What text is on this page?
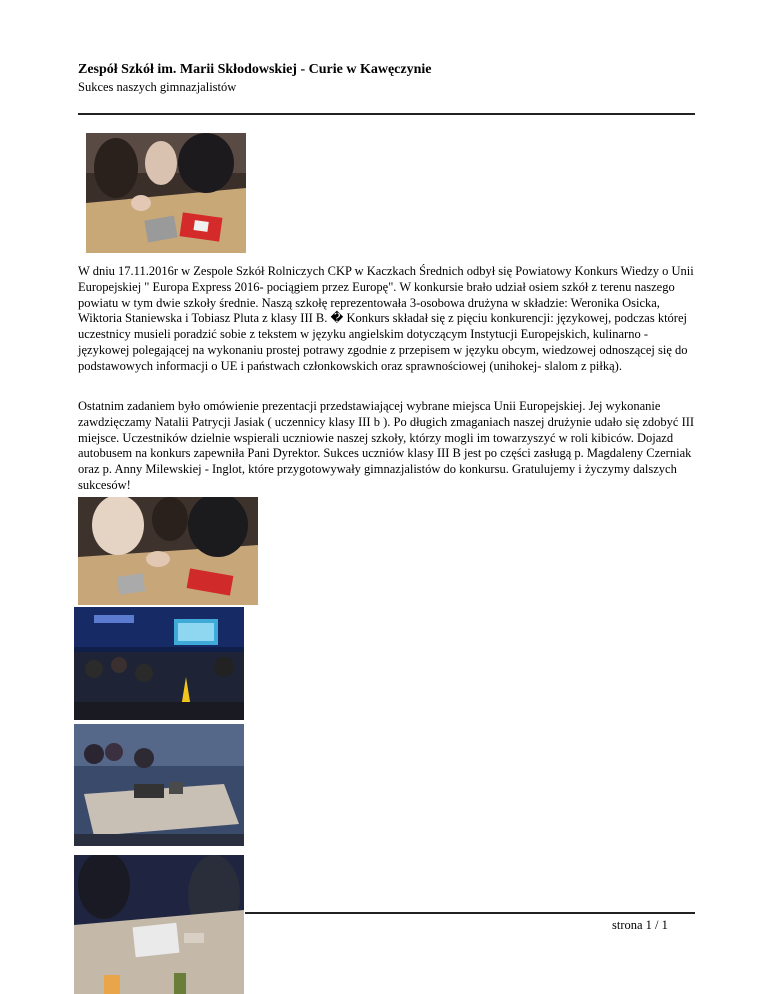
Zespół Szkół im. Marii Skłodowskiej - Curie w Kawęczynie
Sukces naszych gimnazjalistów

W dniu 17.11.2016r w Zespole Szkół Rolniczych CKP w Kaczkach Średnich odbył się Powiatowy Konkurs Wiedzy o Unii Europejskiej " Europa Express 2016- pociągiem przez Europę". W konkursie brało udział osiem szkół z terenu naszego powiatu w tym dwie szkoły średnie. Naszą szkołę reprezentowała 3-osobowa drużyna w składzie: Weronika Osicka, Wiktoria Staniewska i Tobiasz Pluta z klasy III B. � Konkurs składał się z pięciu konkurencji: językowej, podczas której uczestnicy musieli poradzić sobie z tekstem w języku angielskim dotyczącym Instytucji Europejskich, kulinarno - językowej polegającej na wykonaniu prostej potrawy zgodnie z przepisem w języku obcym, wiedzowej odnoszącej się do podstawowych informacji o UE i państwach członkowskich oraz sprawnościowej (unihokej- slalom z piłką).

Ostatnim zadaniem było omówienie prezentacji przedstawiającej wybrane miejsca Unii Europejskiej. Jej wykonanie zawdzięczamy Natalii Patrycji Jasiak ( uczennicy klasy III b ). Po długich zmaganiach naszej drużynie udało się zdobyć III miejsce. Uczestników dzielnie wspierali uczniowie naszej szkoły, którzy mogli im towarzyszyć w roli kibiców. Dojazd autobusem na konkurs zapewniła Pani Dyrektor. Sukces uczniów klasy III B jest po części zasługą p. Magdaleny Czerniak oraz p. Anny Milewskiej - Inglot, które przygotowywały gimnazjalistów do konkursu. Gratulujemy i życzymy dalszych sukcesów!

strona 1 / 1
